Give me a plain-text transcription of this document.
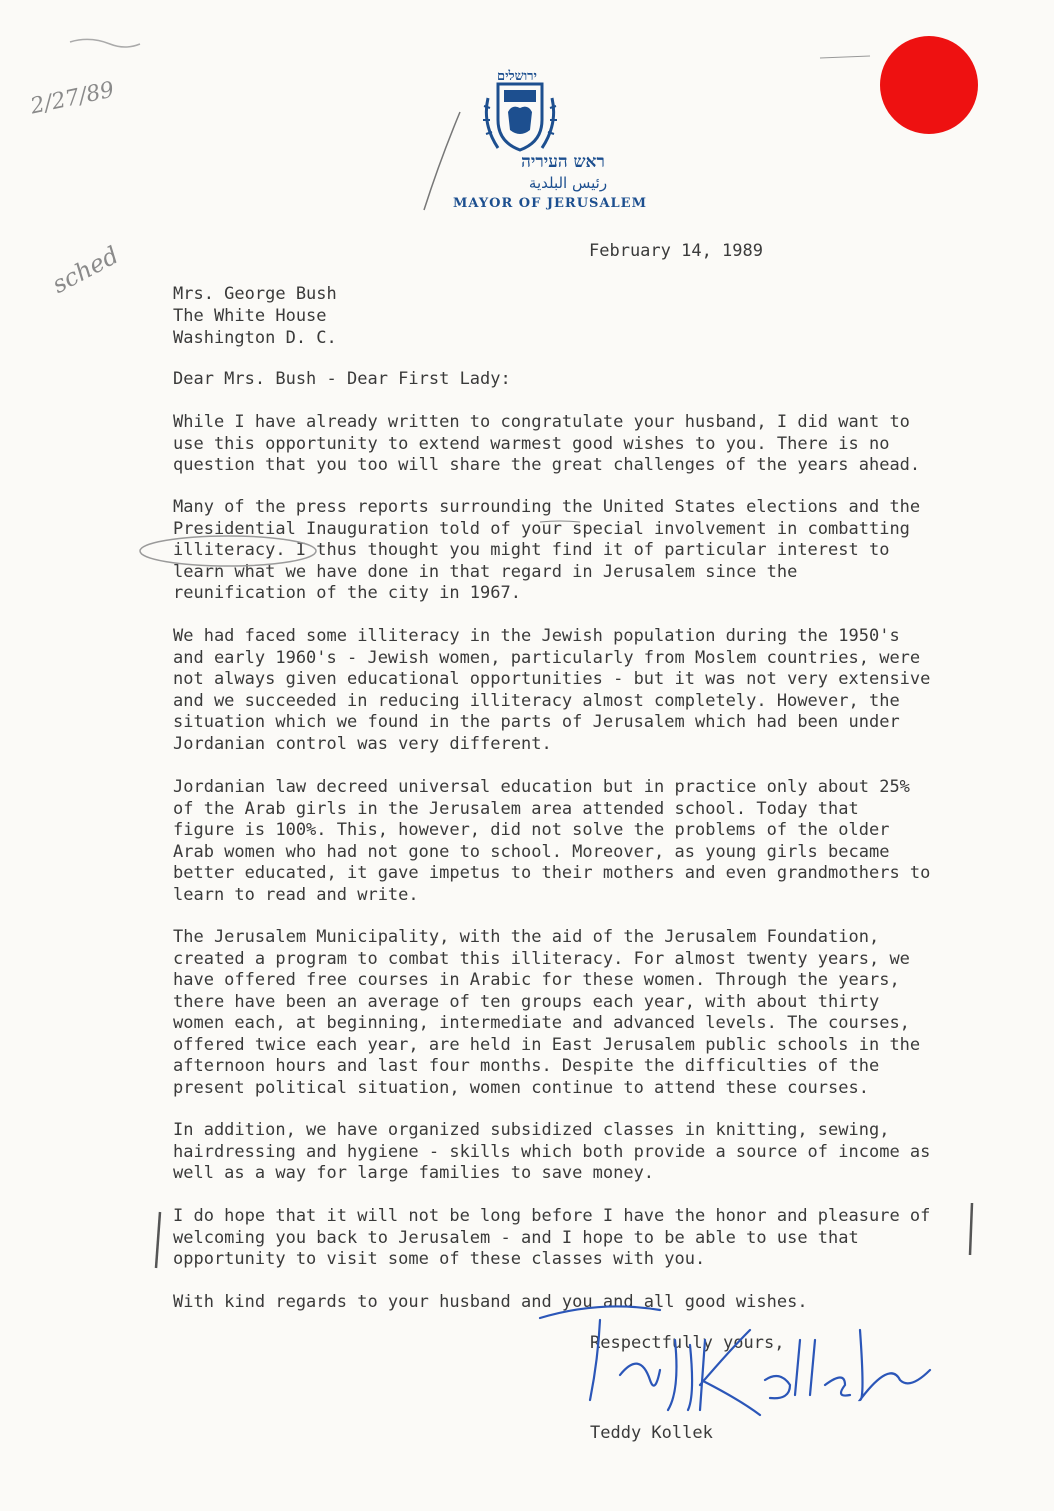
ירושלים
ראש העיריה
رئيس البلدية
MAYOR OF JERUSALEM
2/27/89
sched	February 14, 1989
Mrs. George Bush
The White House
Washington D. C.
Dear Mrs. Bush - Dear First Lady:
While I have already written to congratulate your husband, I did want to
use this opportunity to extend warmest good wishes to you. There is no
question that you too will share the great challenges of the years ahead.
Many of the press reports surrounding the United States elections and the
Presidential Inauguration told of your special involvement in combatting
illiteracy. I thus thought you might find it of particular interest to
learn what we have done in that regard in Jerusalem since the
reunification of the city in 1967.
We had faced some illiteracy in the Jewish population during the 1950's
and early 1960's - Jewish women, particularly from Moslem countries, were
not always given educational opportunities - but it was not very extensive
and we succeeded in reducing illiteracy almost completely. However, the
situation which we found in the parts of Jerusalem which had been under
Jordanian control was very different.
Jordanian law decreed universal education but in practice only about 25%
of the Arab girls in the Jerusalem area attended school. Today that
figure is 100%. This, however, did not solve the problems of the older
Arab women who had not gone to school. Moreover, as young girls became
better educated, it gave impetus to their mothers and even grandmothers to
learn to read and write.
The Jerusalem Municipality, with the aid of the Jerusalem Foundation,
created a program to combat this illiteracy. For almost twenty years, we
have offered free courses in Arabic for these women. Through the years,
there have been an average of ten groups each year, with about thirty
women each, at beginning, intermediate and advanced levels. The courses,
offered twice each year, are held in East Jerusalem public schools in the
afternoon hours and last four months. Despite the difficulties of the
present political situation, women continue to attend these courses.
In addition, we have organized subsidized classes in knitting, sewing,
hairdressing and hygiene - skills which both provide a source of income as
well as a way for large families to save money.
I do hope that it will not be long before I have the honor and pleasure of
welcoming you back to Jerusalem - and I hope to be able to use that
opportunity to visit some of these classes with you.
With kind regards to your husband and you and all good wishes.
Respectfully yours,
Teddy Kollek
